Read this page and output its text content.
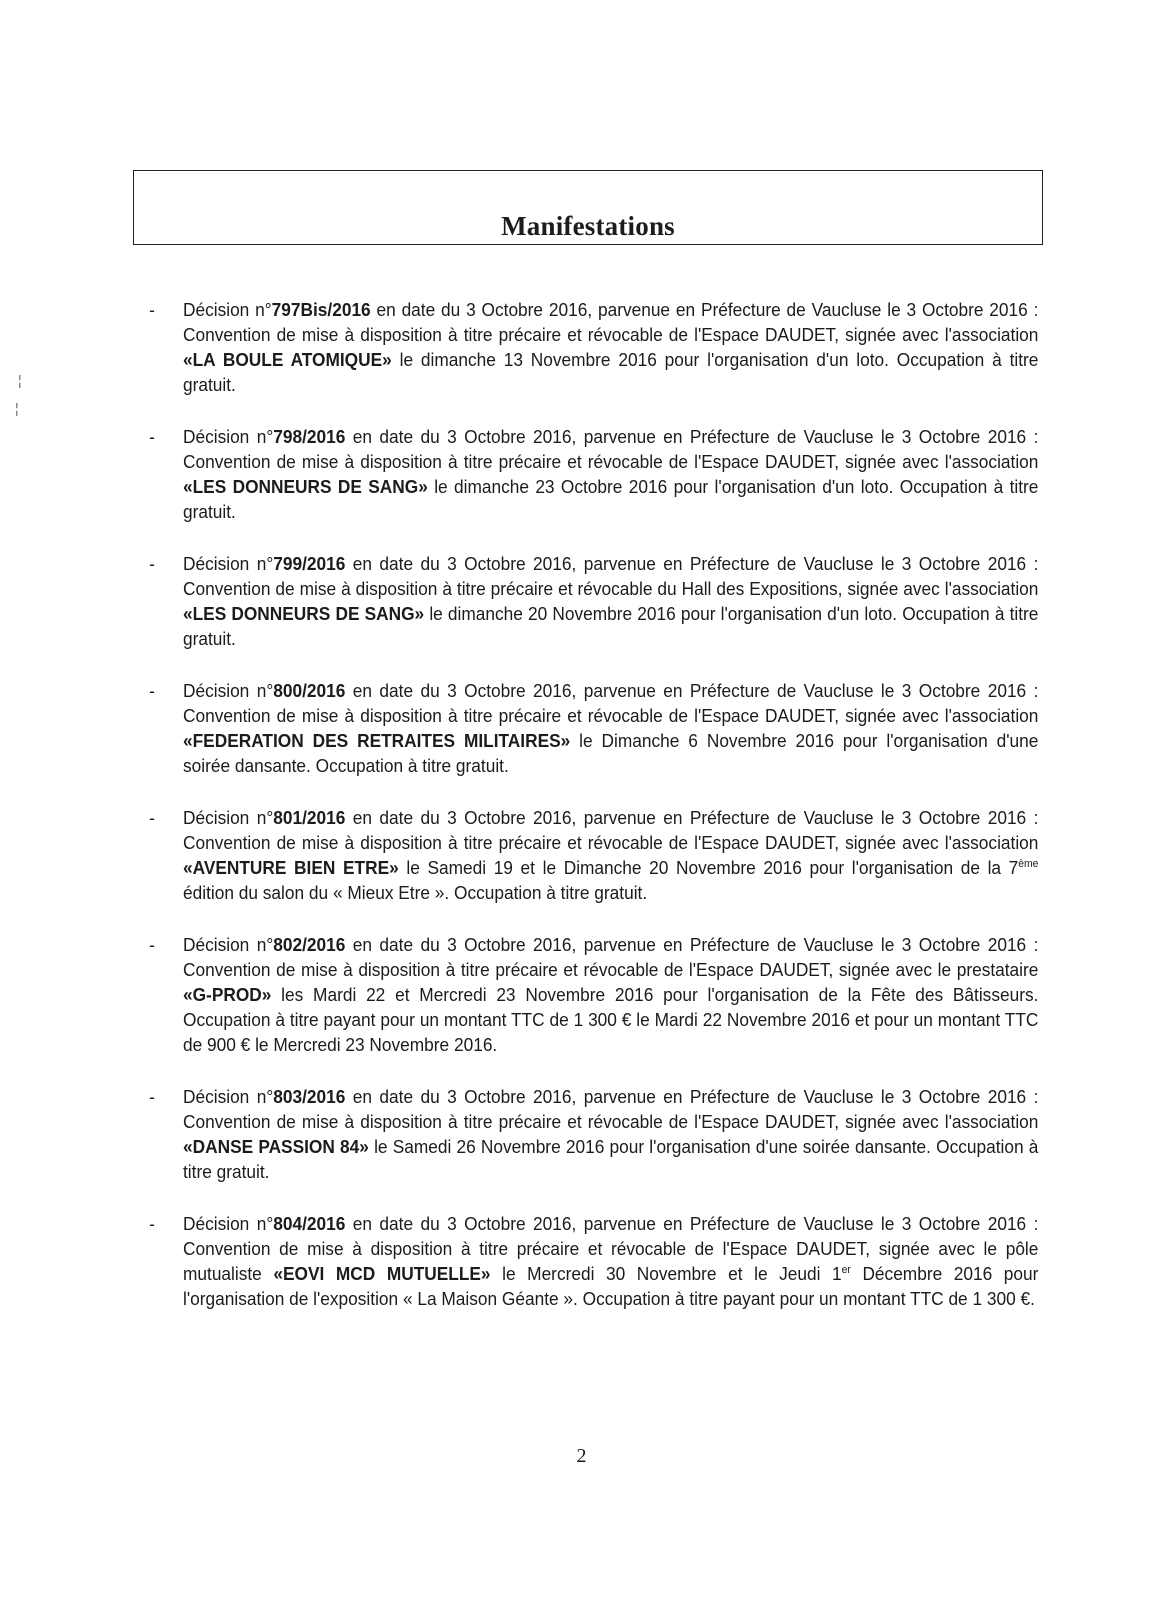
Manifestations
¦
¦
- Décision n°797Bis/2016 en date du 3 Octobre 2016, parvenue en Préfecture de Vaucluse le 3 Octobre 2016 : Convention de mise à disposition à titre précaire et révocable de l'Espace DAUDET, signée avec l'association «LA BOULE ATOMIQUE» le dimanche 13 Novembre 2016 pour l'organisation d'un loto. Occupation à titre gratuit.
- Décision n°798/2016 en date du 3 Octobre 2016, parvenue en Préfecture de Vaucluse le 3 Octobre 2016 : Convention de mise à disposition à titre précaire et révocable de l'Espace DAUDET, signée avec l'association «LES DONNEURS DE SANG» le dimanche 23 Octobre 2016 pour l'organisation d'un loto. Occupation à titre gratuit.
- Décision n°799/2016 en date du 3 Octobre 2016, parvenue en Préfecture de Vaucluse le 3 Octobre 2016 : Convention de mise à disposition à titre précaire et révocable du Hall des Expositions, signée avec l'association «LES DONNEURS DE SANG» le dimanche 20 Novembre 2016 pour l'organisation d'un loto. Occupation à titre gratuit.
- Décision n°800/2016 en date du 3 Octobre 2016, parvenue en Préfecture de Vaucluse le 3 Octobre 2016 : Convention de mise à disposition à titre précaire et révocable de l'Espace DAUDET, signée avec l'association «FEDERATION DES RETRAITES MILITAIRES» le Dimanche 6 Novembre 2016 pour l'organisation d'une soirée dansante. Occupation à titre gratuit.
- Décision n°801/2016 en date du 3 Octobre 2016, parvenue en Préfecture de Vaucluse le 3 Octobre 2016 : Convention de mise à disposition à titre précaire et révocable de l'Espace DAUDET, signée avec l'association «AVENTURE BIEN ETRE» le Samedi 19 et le Dimanche 20 Novembre 2016 pour l'organisation de la 7ème édition du salon du « Mieux Etre ». Occupation à titre gratuit.
- Décision n°802/2016 en date du 3 Octobre 2016, parvenue en Préfecture de Vaucluse le 3 Octobre 2016 : Convention de mise à disposition à titre précaire et révocable de l'Espace DAUDET, signée avec le prestataire «G-PROD» les Mardi 22 et Mercredi 23 Novembre 2016 pour l'organisation de la Fête des Bâtisseurs. Occupation à titre payant pour un montant TTC de 1 300 € le Mardi 22 Novembre 2016 et pour un montant TTC de 900 € le Mercredi 23 Novembre 2016.
- Décision n°803/2016 en date du 3 Octobre 2016, parvenue en Préfecture de Vaucluse le 3 Octobre 2016 : Convention de mise à disposition à titre précaire et révocable de l'Espace DAUDET, signée avec l'association «DANSE PASSION 84» le Samedi 26 Novembre 2016 pour l'organisation d'une soirée dansante. Occupation à titre gratuit.
- Décision n°804/2016 en date du 3 Octobre 2016, parvenue en Préfecture de Vaucluse le 3 Octobre 2016 : Convention de mise à disposition à titre précaire et révocable de l'Espace DAUDET, signée avec le pôle mutualiste «EOVI MCD MUTUELLE» le Mercredi 30 Novembre et le Jeudi 1er Décembre 2016 pour l'organisation de l'exposition « La Maison Géante ». Occupation à titre payant pour un montant TTC de 1 300 €.
2
